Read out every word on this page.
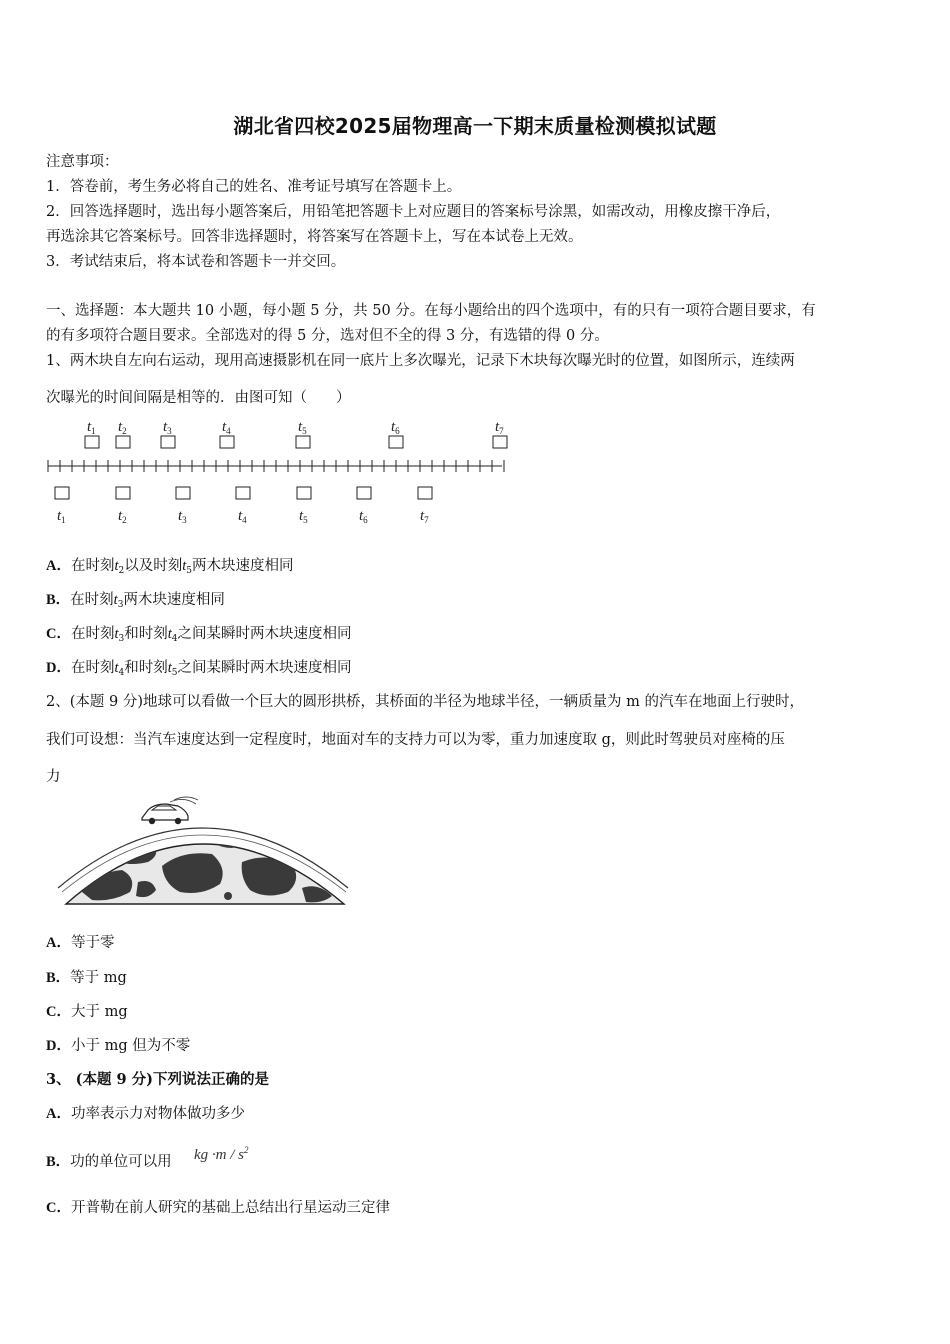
湖北省四校2025届物理高一下期末质量检测模拟试题
注意事项：
1．答卷前，考生务必将自己的姓名、准考证号填写在答题卡上。
2．回答选择题时，选出每小题答案后，用铅笔把答题卡上对应题目的答案标号涂黑，如需改动，用橡皮擦干净后，
再选涂其它答案标号。回答非选择题时，将答案写在答题卡上，写在本试卷上无效。
3．考试结束后，将本试卷和答题卡一并交回。
一、选择题：本大题共 10 小题，每小题 5 分，共 50 分。在每小题给出的四个选项中，有的只有一项符合题目要求，有
的有多项符合题目要求。全部选对的得 5 分，选对但不全的得 3 分，有选错的得 0 分。
1、两木块自左向右运动，现用高速摄影机在同一底片上多次曝光，记录下木块每次曝光时的位置，如图所示，连续两
次曝光的时间间隔是相等的．由图可知（　　）
$t_1$ $t_2$ $t_3$	$t_4$	$t_5$	$t_6$	$t_7$
$t_1$	$t_2$	$t_3$	$t_4$	$t_5$	$t_6$	$t_7$
A．在时刻$t_2$以及时刻$t_5$两木块速度相同
B．在时刻$t_3$两木块速度相同
C．在时刻$t_3$和时刻$t_4$之间某瞬时两木块速度相同
D．在时刻$t_4$和时刻$t_5$之间某瞬时两木块速度相同
2、(本题 9 分)地球可以看做一个巨大的圆形拱桥，其桥面的半径为地球半径，一辆质量为 m 的汽车在地面上行驶时，
我们可设想：当汽车速度达到一定程度时，地面对车的支持力可以为零，重力加速度取 g，则此时驾驶员对座椅的压
力
A．等于零
B．等于 mg
C．大于 mg
D．小于 mg 但为不零
3、 (本题 9 分)下列说法正确的是
A．功率表示力对物体做功多少
B．功的单位可以用 kg $\cdot m / s^2$
C．开普勒在前人研究的基础上总结出行星运动三定律
